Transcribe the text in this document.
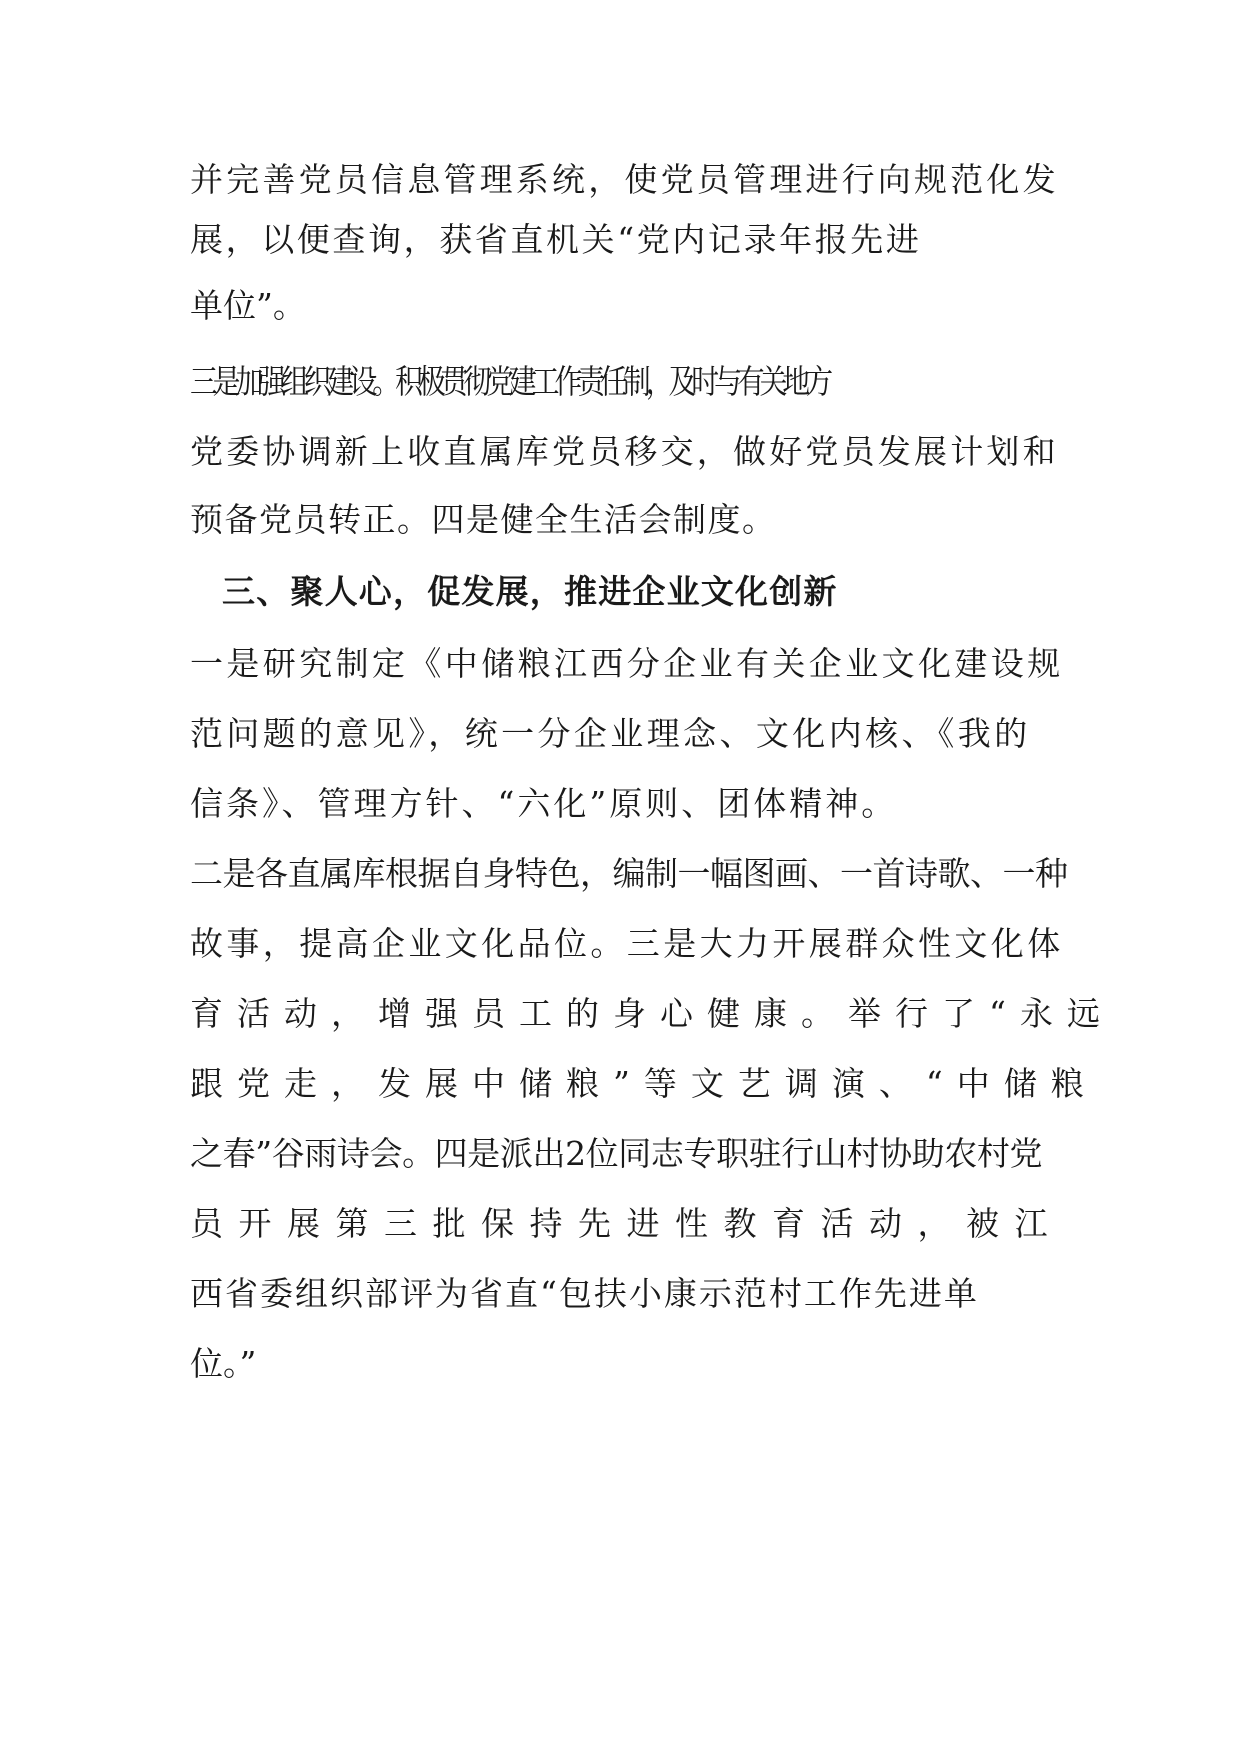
并完善党员信息管理系统，使党员管理进行向规范化发
展，以便查询，获省直机关“党内记录年报先进
单位”。
三是加强组织建设。积极贯彻党建工作责任制，及时与有关地方
党委协调新上收直属库党员移交，做好党员发展计划和
预备党员转正。四是健全生活会制度。
三、聚人心，促发展，推进企业文化创新
一是研究制定《中储粮江西分企业有关企业文化建设规
范问题的意见》，统一分企业理念、文化内核、《我的
信条》、管理方针、“六化”原则、团体精神。
二是各直属库根据自身特色，编制一幅图画、一首诗歌、一种
故事，提高企业文化品位。三是大力开展群众性文化体
育活动，增强员工的身心健康。举行了“永远
跟党走，发展中储粮”等文艺调演、“中储粮
之春”谷雨诗会。四是派出2位同志专职驻行山村协助农村党
员开展第三批保持先进性教育活动，被江
西省委组织部评为省直“包扶小康示范村工作先进单
位。”
